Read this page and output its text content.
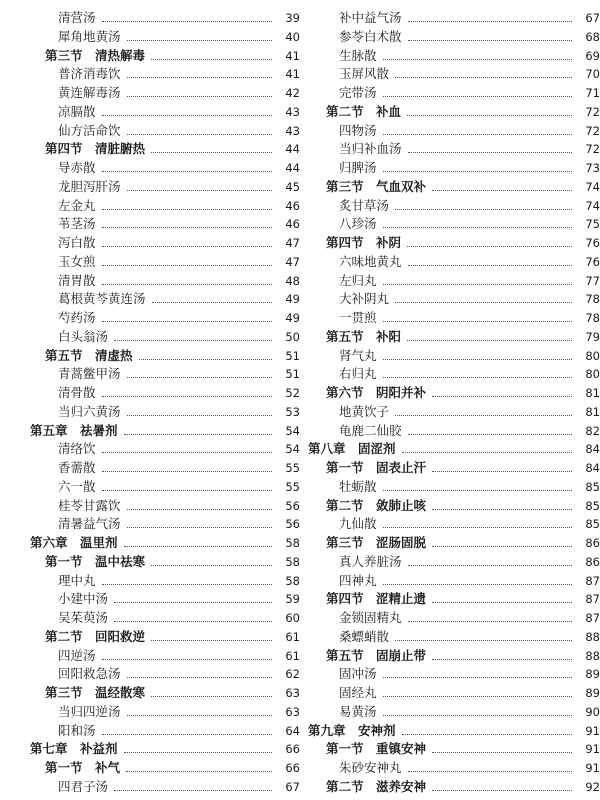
清营汤	39
犀角地黄汤	40
第三节　清热解毒	41
普济消毒饮	41
黄连解毒汤	42
凉膈散	43
仙方活命饮	43
第四节　清脏腑热	44
导赤散	44
龙胆泻肝汤	45
左金丸	46
苇茎汤	46
泻白散	47
玉女煎	47
清胃散	48
葛根黄芩黄连汤	49
芍药汤	49
白头翁汤	50
第五节　清虚热	51
青蒿鳖甲汤	51
清骨散	52
当归六黄汤	53
第五章　祛暑剂	54
清络饮	54
香薷散	55
六一散	55
桂苓甘露饮	56
清暑益气汤	56
第六章　温里剂	58
第一节　温中祛寒	58
理中丸	58
小建中汤	59
吴茱萸汤	60
第二节　回阳救逆	61
四逆汤	61
回阳救急汤	62
第三节　温经散寒	63
当归四逆汤	63
阳和汤	64
第七章　补益剂	66
第一节　补气	66
四君子汤	67
补中益气汤	67
参苓白术散	68
生脉散	69
玉屏风散	70
完带汤	71
第二节　补血	72
四物汤	72
当归补血汤	72
归脾汤	73
第三节　气血双补	74
炙甘草汤	74
八珍汤	75
第四节　补阴	76
六味地黄丸	76
左归丸	77
大补阴丸	78
一贯煎	78
第五节　补阳	79
肾气丸	80
右归丸	80
第六节　阴阳并补	81
地黄饮子	81
龟鹿二仙胶	82
第八章　固涩剂	84
第一节　固表止汗	84
牡蛎散	85
第二节　敛肺止咳	85
九仙散	85
第三节　涩肠固脱	86
真人养脏汤	86
四神丸	87
第四节　涩精止遗	87
金锁固精丸	87
桑螵蛸散	88
第五节　固崩止带	88
固冲汤	89
固经丸	89
易黄汤	90
第九章　安神剂	91
第一节　重镇安神	91
朱砂安神丸	91
第二节　滋养安神	92
